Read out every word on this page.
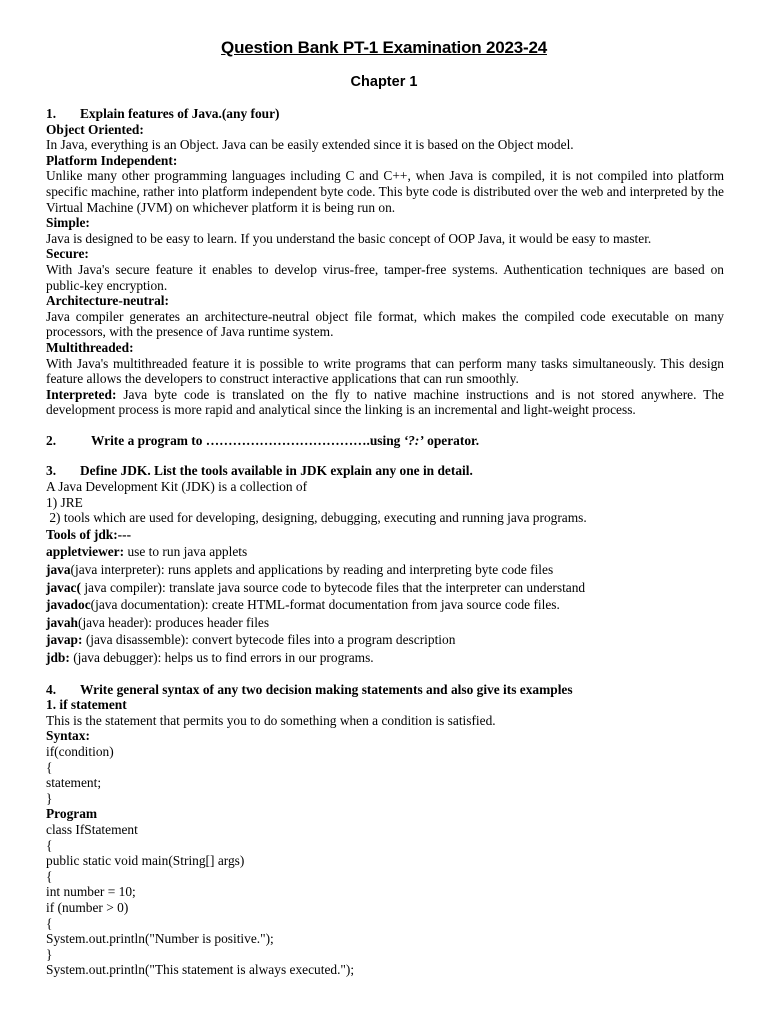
Question Bank PT-1 Examination 2023-24
Chapter 1
1.	Explain features of Java.(any four)

Object Oriented:

In Java, everything is an Object. Java can be easily extended since it is based on the Object model.

Platform Independent:

Unlike many other programming languages including C and C++, when Java is compiled, it is not compiled into platform specific machine, rather into platform independent byte code. This byte code is distributed over the web and interpreted by the Virtual Machine (JVM) on whichever platform it is being run on.

Simple:

Java is designed to be easy to learn. If you understand the basic concept of OOP Java, it would be easy to master.

Secure:

With Java's secure feature it enables to develop virus-free, tamper-free systems. Authentication techniques are based on public-key encryption.

Architecture-neutral:

Java compiler generates an architecture-neutral object file format, which makes the compiled code executable on many processors, with the presence of Java runtime system.

Multithreaded:

With Java's multithreaded feature it is possible to write programs that can perform many tasks simultaneously. This design feature allows the developers to construct interactive applications that can run smoothly.

Interpreted: Java byte code is translated on the fly to native machine instructions and is not stored anywhere. The development process is more rapid and analytical since the linking is an incremental and light-weight process.

2.	Write a program to ……………………………….using ‘?:’ operator.
3.	Define JDK. List the tools available in JDK explain any one in detail.

A Java Development Kit (JDK) is a collection of

1) JRE

2) tools which are used for developing, designing, debugging, executing and running java programs.

Tools of jdk:---

appletviewer: use to run java applets

java(java interpreter): runs applets and applications by reading and interpreting byte code files

javac( java compiler): translate java source code to bytecode files that the interpreter can understand

javadoc(java documentation): create HTML-format documentation from java source code files.

javah(java header): produces header files

javap: (java disassemble): convert bytecode files into a program description

jdb: (java debugger): helps us to find errors in our programs.

4.	Write general syntax of any two decision making statements and also give its examples

1. if statement

This is the statement that permits you to do something when a condition is satisfied.

Syntax:

if(condition)

{

statement;

}

Program

class IfStatement

{

public static void main(String[] args)

{

int number = 10;

if (number > 0)

{

System.out.println("Number is positive.");

}

System.out.println("This statement is always executed.");
